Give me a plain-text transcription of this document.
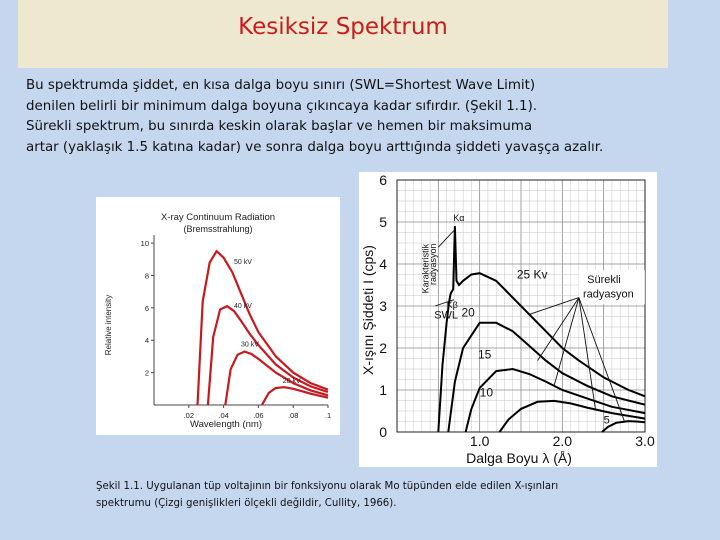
Kesiksiz Spektrum
Bu spektrumda şiddet, en kısa dalga boyu sınırı (SWL=Shortest Wave Limit)
denilen belirli bir minimum dalga boyuna çıkıncaya kadar sıfırdır. (Şekil 1.1).
Sürekli spektrum, bu sınırda keskin olarak başlar ve hemen bir maksimuma
artar (yaklaşık 1.5 katına kadar) ve sonra dalga boyu arttığında şiddeti yavaşça azalır.
X-ray Continuum Radiation
(Bremsstrahlung)
Relative intensity
Wavelength (nm)
2
4
6
8
10
.02	.04	.06	.08	.1
50 kV
40 kV
30 kV
20 kV
X-ışını Şiddeti I (cps)
Dalga Boyu λ (Å)
0
1
2
3
4
5
6
1.0	2.0	3.0
25 Kv
20
15
10
5
Kα
Kβ
SWL
Karakteristik
radyasyon	Sürekli
radyasyon
Şekil 1.1. Uygulanan tüp voltajının bir fonksiyonu olarak Mo tüpünden elde edilen X-ışınları
spektrumu (Çizgi genişlikleri ölçekli değildir, Cullity, 1966).
